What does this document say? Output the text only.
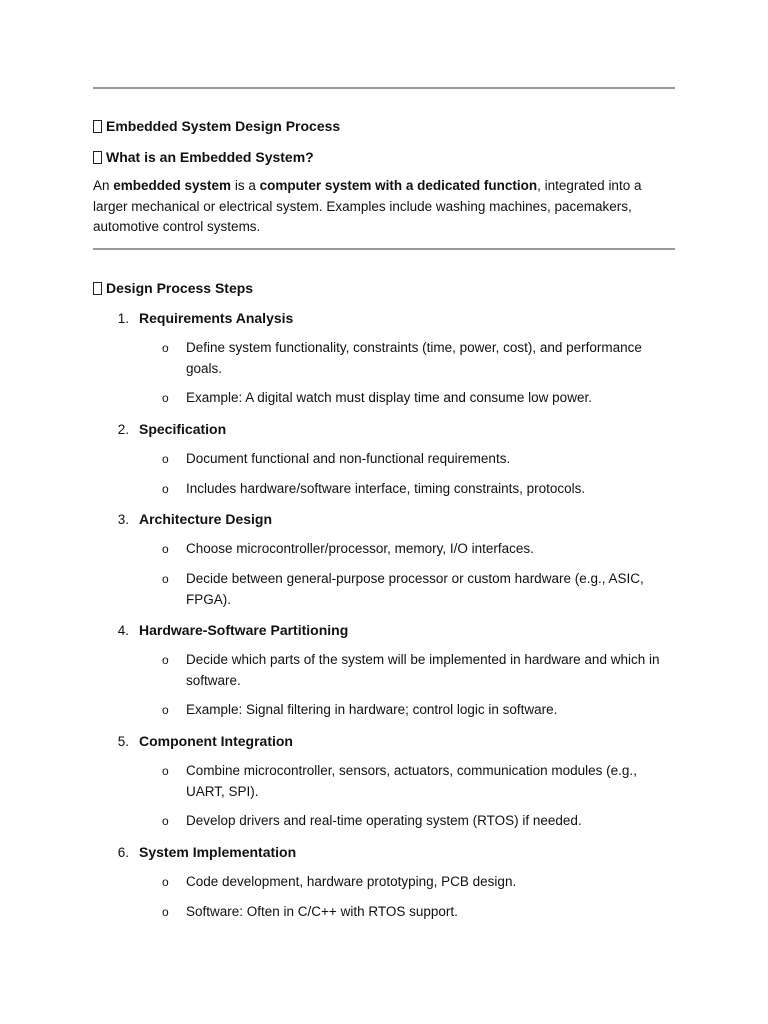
Embedded System Design Process
What is an Embedded System?
An embedded system is a computer system with a dedicated function, integrated into a larger mechanical or electrical system. Examples include washing machines, pacemakers, automotive control systems.
Design Process Steps
1. Requirements Analysis
o Define system functionality, constraints (time, power, cost), and performance goals.
o Example: A digital watch must display time and consume low power.
2. Specification
o Document functional and non-functional requirements.
o Includes hardware/software interface, timing constraints, protocols.
3. Architecture Design
o Choose microcontroller/processor, memory, I/O interfaces.
o Decide between general-purpose processor or custom hardware (e.g., ASIC, FPGA).
4. Hardware-Software Partitioning
o Decide which parts of the system will be implemented in hardware and which in software.
o Example: Signal filtering in hardware; control logic in software.
5. Component Integration
o Combine microcontroller, sensors, actuators, communication modules (e.g., UART, SPI).
o Develop drivers and real-time operating system (RTOS) if needed.
6. System Implementation
o Code development, hardware prototyping, PCB design.
o Software: Often in C/C++ with RTOS support.
